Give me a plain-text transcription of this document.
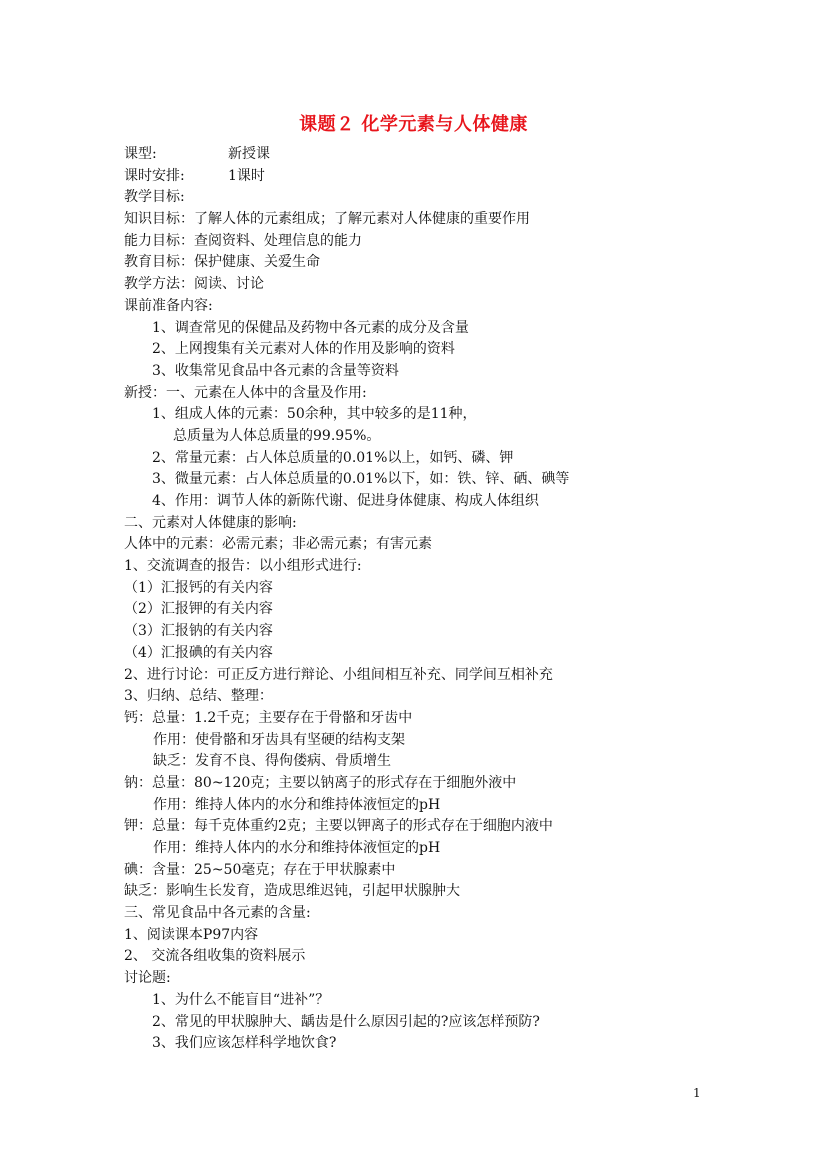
课题２ 化学元素与人体健康
课型:	新授课
课时安排:	1课时
教学目标:
知识目标：了解人体的元素组成；了解元素对人体健康的重要作用
能力目标：查阅资料、处理信息的能力
教育目标：保护健康、关爱生命
教学方法：阅读、讨论
课前准备内容:
1、调查常见的保健品及药物中各元素的成分及含量
2、上网搜集有关元素对人体的作用及影响的资料
3、收集常见食品中各元素的含量等资料
新授：一、元素在人体中的含量及作用:
1、组成人体的元素：50余种，其中较多的是11种，
总质量为人体总质量的99.95%。
2、常量元素：占人体总质量的0.01%以上，如钙、磷、钾
3、微量元素：占人体总质量的0.01%以下，如：铁、锌、硒、碘等
4、作用：调节人体的新陈代谢、促进身体健康、构成人体组织
二、元素对人体健康的影响:
人体中的元素：必需元素；非必需元素；有害元素
1、交流调查的报告：以小组形式进行:
（1）汇报钙的有关内容
（2）汇报钾的有关内容
（3）汇报钠的有关内容
（4）汇报碘的有关内容
2、进行讨论：可正反方进行辩论、小组间相互补充、同学间互相补充
3、归纳、总结、整理：
钙：总量：1.2千克；主要存在于骨骼和牙齿中
作用：使骨骼和牙齿具有坚硬的结构支架
缺乏：发育不良、得佝偻病、骨质增生
钠：总量：80~120克；主要以钠离子的形式存在于细胞外液中
作用：维持人体内的水分和维持体液恒定的pH
钾：总量：每千克体重约2克；主要以钾离子的形式存在于细胞内液中
作用：维持人体内的水分和维持体液恒定的pH
碘：含量：25~50毫克；存在于甲状腺素中
缺乏：影响生长发育，造成思维迟钝，引起甲状腺肿大
三、常见食品中各元素的含量:
1、阅读课本P97内容
2、 交流各组收集的资料展示
讨论题:
1、为什么不能盲目“进补”？
2、常见的甲状腺肿大、龋齿是什么原因引起的?应该怎样预防?
3、我们应该怎样科学地饮食?
1
